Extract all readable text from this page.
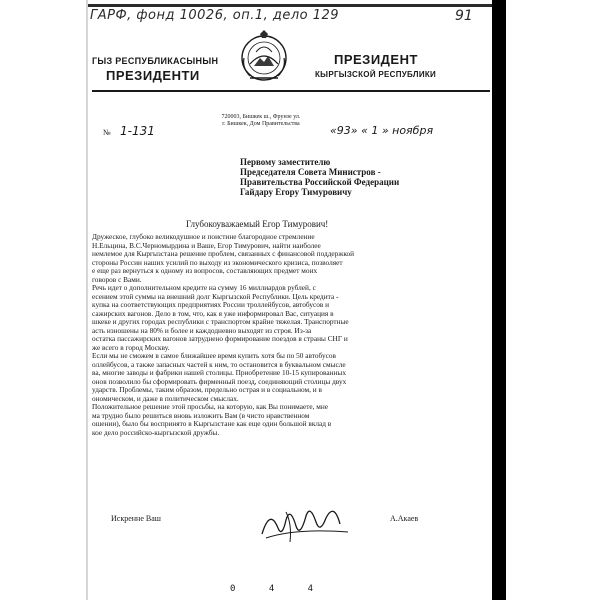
ГАРФ, фонд 10026, оп.1, дело 129	91
ГЫЗ РЕСПУБЛИКАСЫНЫН
ПРЕЗИДЕНТИ
ПРЕЗИДЕНТ
КЫРГЫЗСКОЙ РЕСПУБЛИКИ
720003, Бишкек ш., Фрунзе ул.
г. Бишкек, Дом Правительства
№ 1-131	«93» « 1 » ноября
Первому заместителю
Председателя Совета Министров -
Правительства Российской Федерации
Гайдару Егору Тимуровичу
Глубокоуважаемый Егор Тимурович!
Дружеское, глубоко великодушное и поистине благородное стремление
Н.Ельцина, В.С.Черномырдина и Ваше, Егор Тимурович, найти наиболее
немлемое для Кыргызстана решение проблем, связанных с финансовой поддержкой
стороны России наших усилий по выходу из экономического кризиса, позволяет
е еще раз вернуться к одному из вопросов, составляющих предмет моих
говоров с Вами.
Речь идет о дополнительном кредите на сумму 16 миллиардов рублей, с
есением этой суммы на внешний долг Кыргызской Республики. Цель кредита -
купка на соответствующих предприятиях России троллейбусов, автобусов и
сажирских вагонов. Дело в том, что, как я уже информировал Вас, ситуация в
шкеке и других городах республики с транспортом крайне тяжелая. Транспортные
асть изношены на 80% и более и каждодневно выходят из строя. Из-за
остатка пассажирских вагонов затруднено формирование поездов в страны СНГ и
же всего в город Москву.
Если мы не сможем в самое ближайшее время купить хотя бы по 50 автобусов
оллейбусов, а также запасных частей к ним, то остановится в буквальном смысле
ва, многие заводы и фабрики нашей столицы. Приобретение 10-15 купированных
онов позволило бы сформировать фирменный поезд, соединяющий столицы двух
ударств. Проблемы, таким образом, предельно острая и в социальном, и в
ономическом, и даже в политическом смыслах.
Положительное решение этой просьбы, на которую, как Вы понимаете, мне
ма трудно было решиться вновь изложить Вам (в чисто нравственном
ошении), было бы воспринято в Кыргызстане как еще один большой вклад в
кое дело российско-кыргызской дружбы.
Искренне Ваш	А.Акаев
0 4 4
